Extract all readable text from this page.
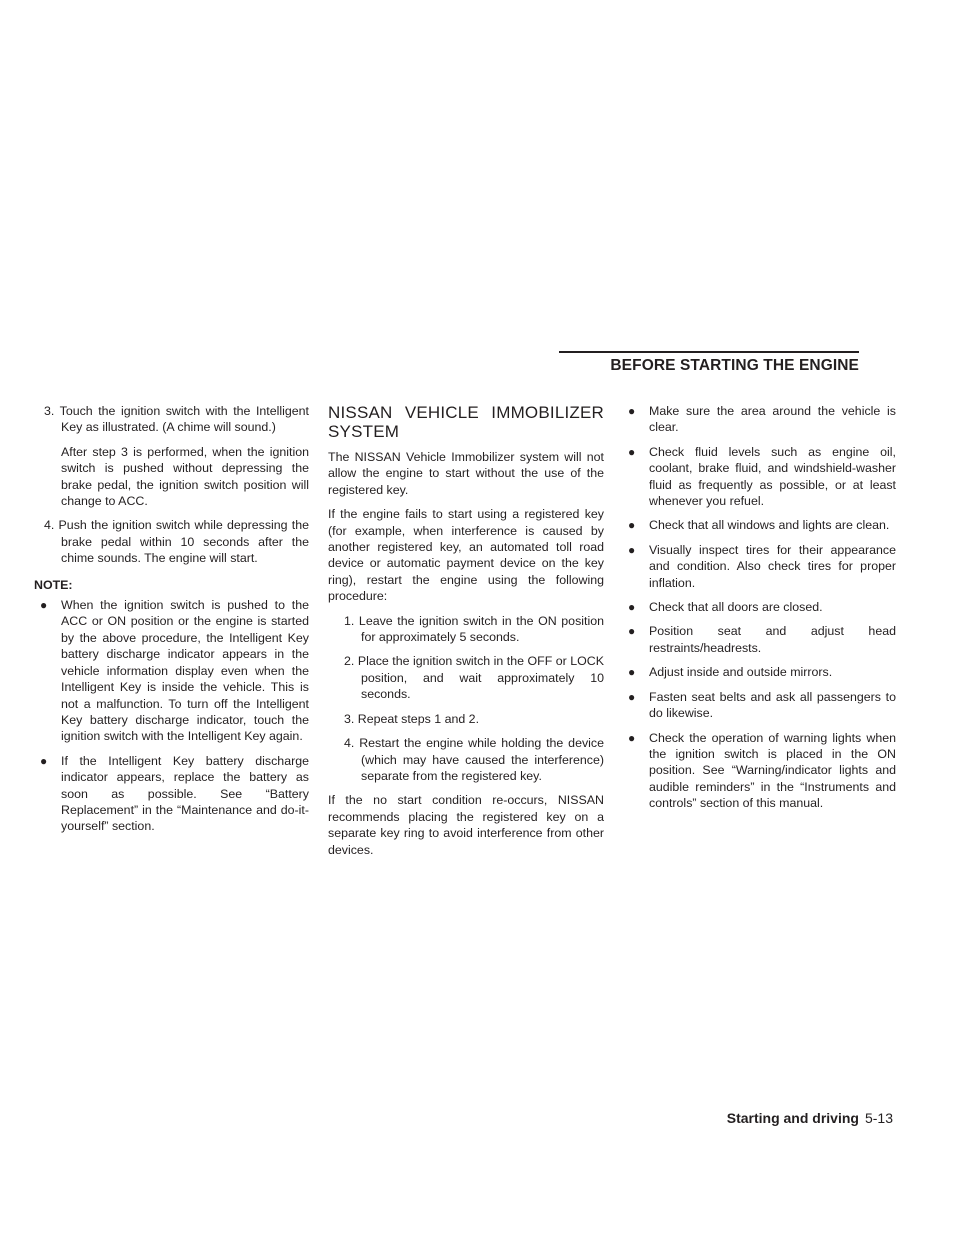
BEFORE STARTING THE ENGINE
3. Touch the ignition switch with the Intelligent Key as illustrated. (A chime will sound.)
After step 3 is performed, when the ignition switch is pushed without depressing the brake pedal, the ignition switch position will change to ACC.
4. Push the ignition switch while depressing the brake pedal within 10 seconds after the chime sounds. The engine will start.
NOTE:
● When the ignition switch is pushed to the ACC or ON position or the engine is started by the above procedure, the Intelligent Key battery discharge indicator appears in the vehicle information display even when the Intelligent Key is inside the vehicle. This is not a malfunction. To turn off the Intelligent Key battery discharge indicator, touch the ignition switch with the Intelligent Key again.
● If the Intelligent Key battery discharge indicator appears, replace the battery as soon as possible. See “Battery Replacement” in the “Maintenance and do-it-yourself” section.
NISSAN VEHICLE IMMOBILIZER SYSTEM

The NISSAN Vehicle Immobilizer system will not allow the engine to start without the use of the registered key.

If the engine fails to start using a registered key (for example, when interference is caused by another registered key, an automated toll road device or automatic payment device on the key ring), restart the engine using the following procedure:

1. Leave the ignition switch in the ON position for approximately 5 seconds.
2. Place the ignition switch in the OFF or LOCK position, and wait approximately 10 seconds.
3. Repeat steps 1 and 2.
4. Restart the engine while holding the device (which may have caused the interference) separate from the registered key.

If the no start condition re-occurs, NISSAN recommends placing the registered key on a separate key ring to avoid interference from other devices.

● Make sure the area around the vehicle is clear.
● Check fluid levels such as engine oil, coolant, brake fluid, and windshield-washer fluid as frequently as possible, or at least whenever you refuel.
● Check that all windows and lights are clean.
● Visually inspect tires for their appearance and condition. Also check tires for proper inflation.
● Check that all doors are closed.
● Position seat and adjust head restraints/headrests.
● Adjust inside and outside mirrors.
● Fasten seat belts and ask all passengers to do likewise.
● Check the operation of warning lights when the ignition switch is placed in the ON position. See “Warning/indicator lights and audible reminders” in the “Instruments and controls” section of this manual.
Starting and driving 5-13
